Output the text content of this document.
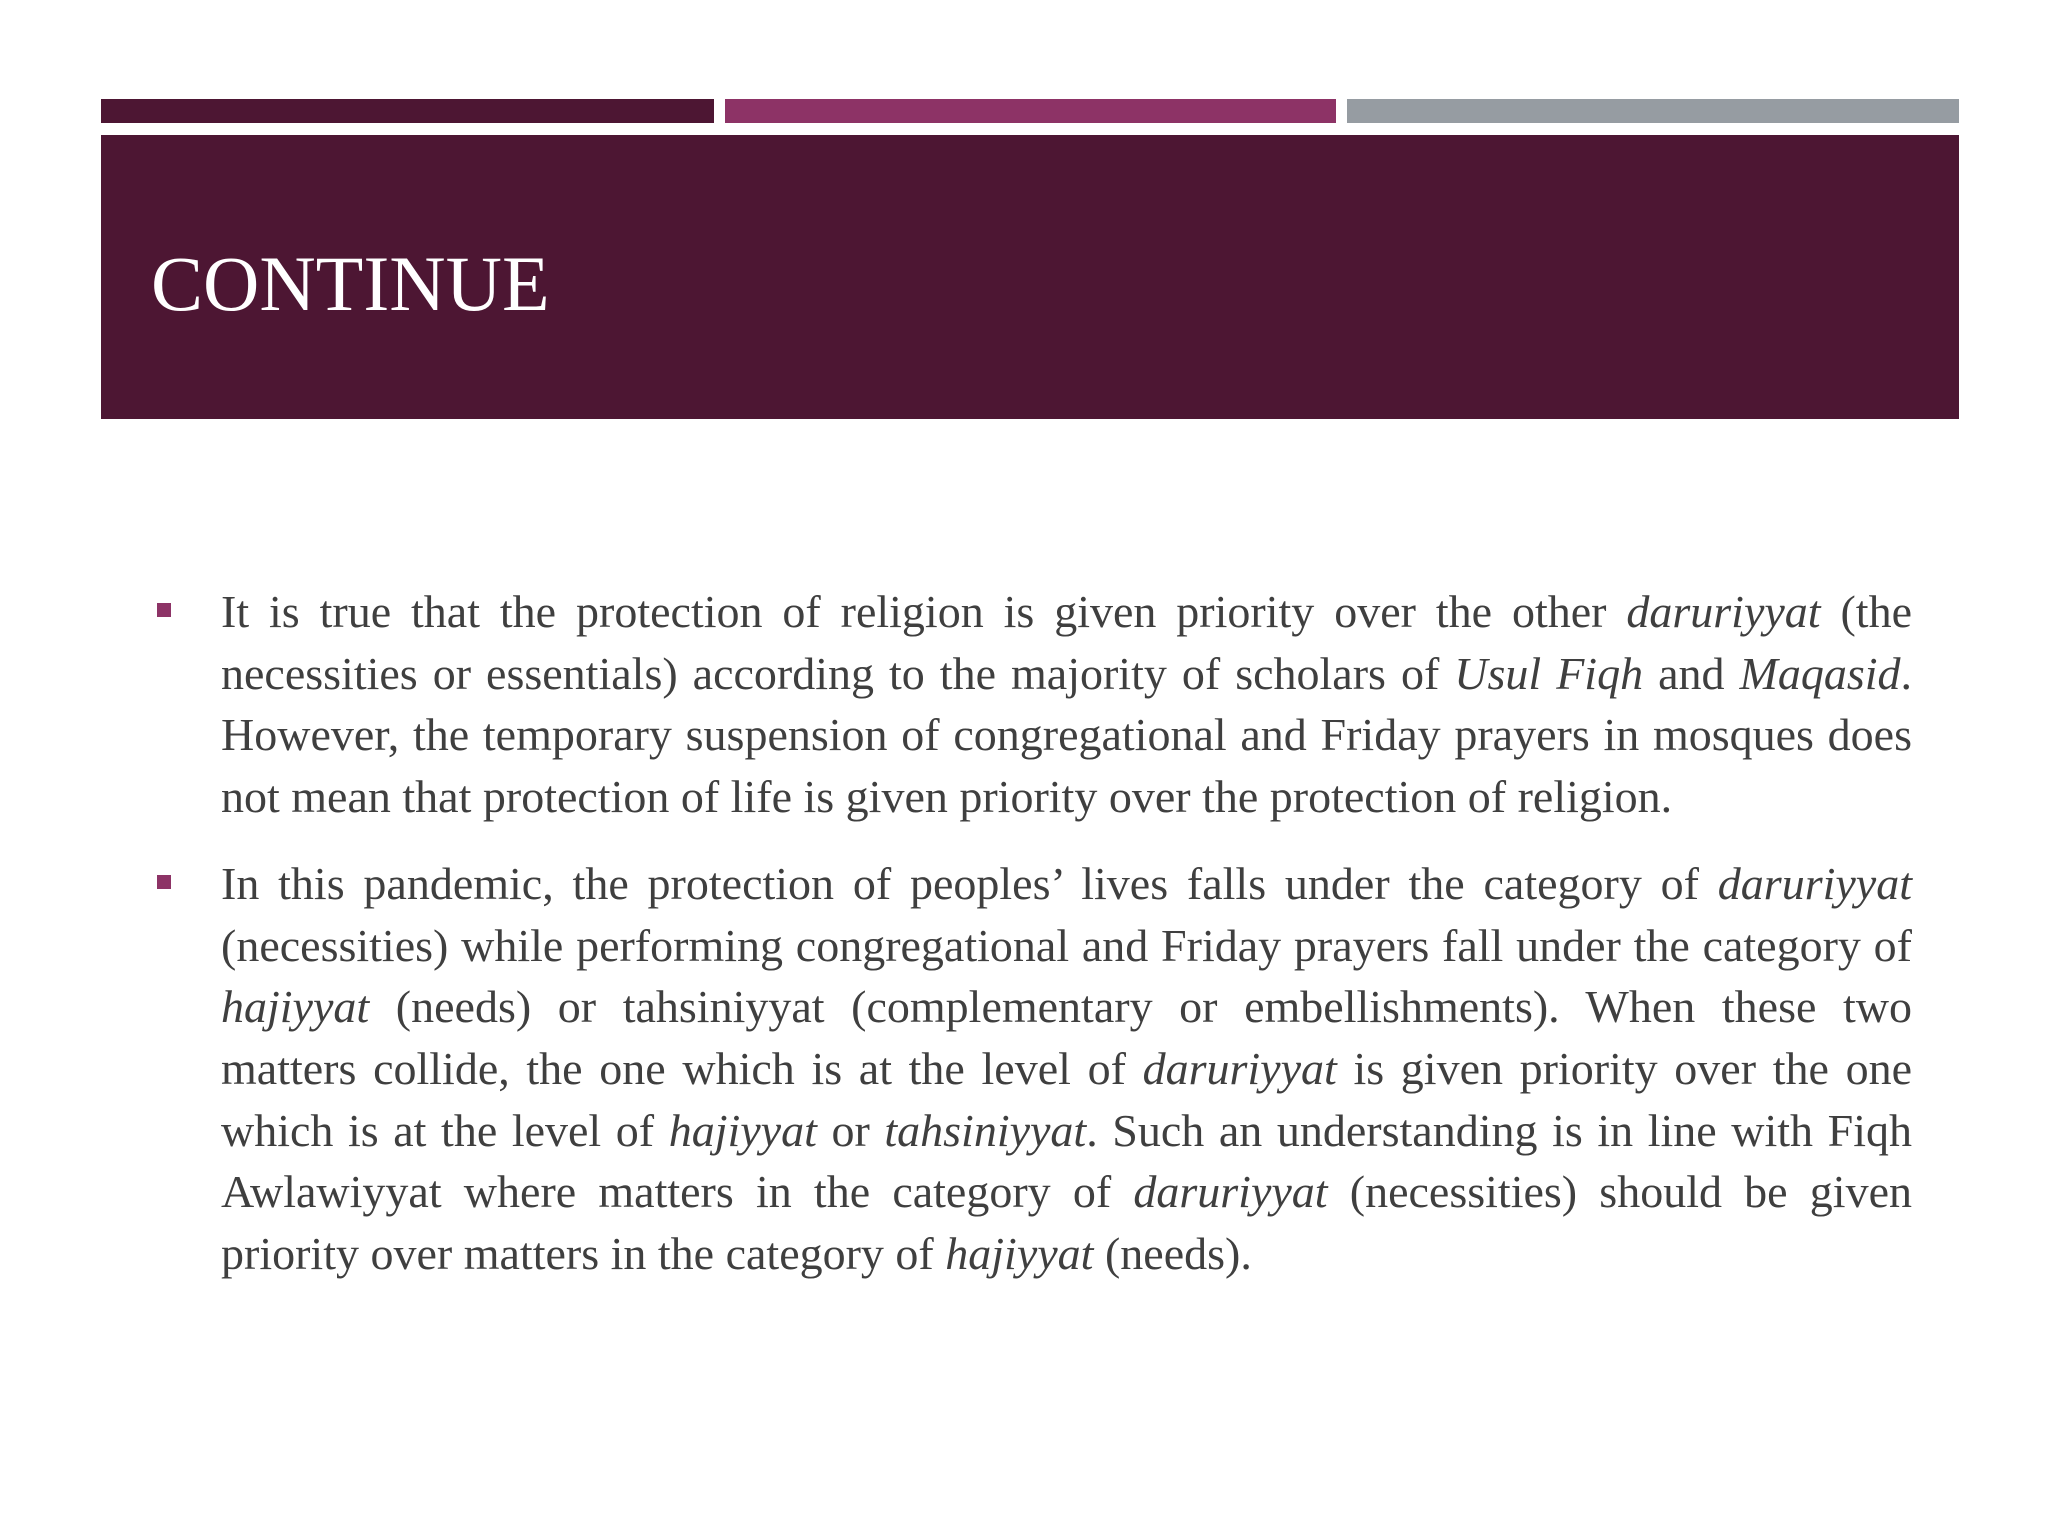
CONTINUE

It is true that the protection of religion is given priority over the other daruriyyat (the necessities or essentials) according to the majority of scholars of Usul Fiqh and Maqasid. However, the temporary suspension of congregational and Friday prayers in mosques does not mean that protection of life is given priority over the protection of religion.

In this pandemic, the protection of peoples’ lives falls under the category of daruriyyat (necessities) while performing congregational and Friday prayers fall under the category of hajiyyat (needs) or tahsiniyyat (complementary or embellishments). When these two matters collide, the one which is at the level of daruriyyat is given priority over the one which is at the level of hajiyyat or tahsiniyyat. Such an understanding is in line with Fiqh Awlawiyyat where matters in the category of daruriyyat (necessities) should be given priority over matters in the category of hajiyyat (needs).
